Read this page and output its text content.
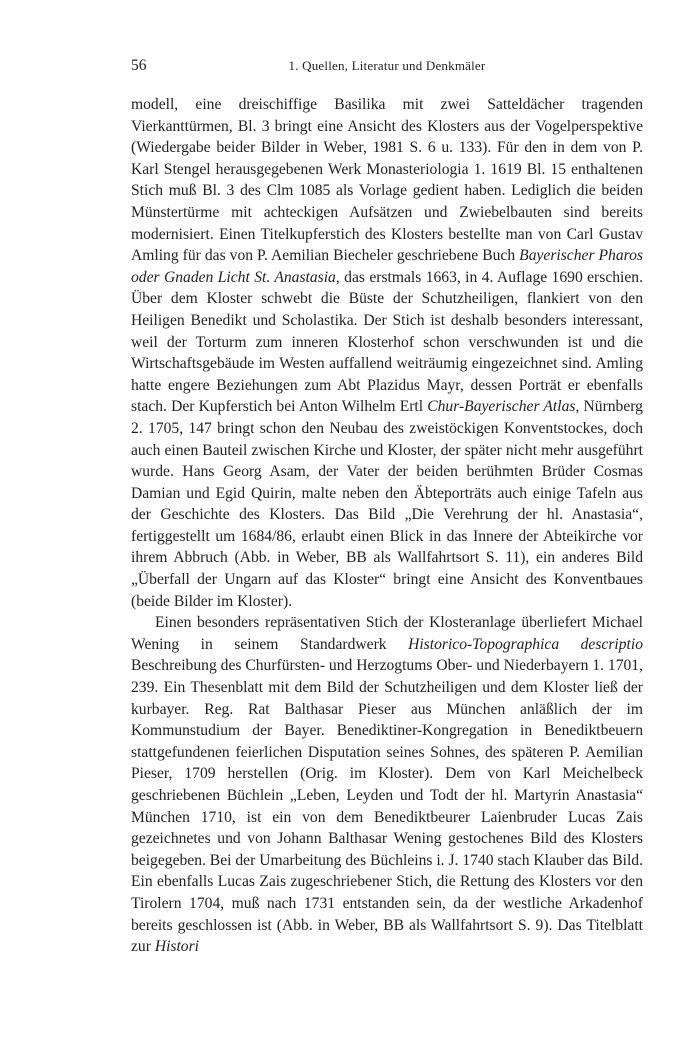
56	1. Quellen, Literatur und Denkmäler

modell, eine dreischiffige Basilika mit zwei Satteldächer tragenden Vierkanttürmen, Bl. 3 bringt eine Ansicht des Klosters aus der Vogelperspektive (Wiedergabe beider Bilder in Weber, 1981 S. 6 u. 133). Für den in dem von P. Karl Stengel herausgegebenen Werk Monasteriologia 1. 1619 Bl. 15 enthaltenen Stich muß Bl. 3 des Clm 1085 als Vorlage gedient haben. Lediglich die beiden Münstertürme mit achteckigen Aufsätzen und Zwiebelbauten sind bereits modernisiert. Einen Titelkupferstich des Klosters bestellte man von Carl Gustav Amling für das von P. Aemilian Biecheler geschriebene Buch Bayerischer Pharos oder Gnaden Licht St. Anastasia, das erstmals 1663, in 4. Auflage 1690 erschien. Über dem Kloster schwebt die Büste der Schutzheiligen, flankiert von den Heiligen Benedikt und Scholastika. Der Stich ist deshalb besonders interessant, weil der Torturm zum inneren Klosterhof schon verschwunden ist und die Wirtschaftsgebäude im Westen auffallend weiträumig eingezeichnet sind. Amling hatte engere Beziehungen zum Abt Plazidus Mayr, dessen Porträt er ebenfalls stach. Der Kupferstich bei Anton Wilhelm Ertl Chur-Bayerischer Atlas, Nürnberg 2. 1705, 147 bringt schon den Neubau des zweistöckigen Konventstockes, doch auch einen Bauteil zwischen Kirche und Kloster, der später nicht mehr ausgeführt wurde. Hans Georg Asam, der Vater der beiden berühmten Brüder Cosmas Damian und Egid Quirin, malte neben den Äbteporträts auch einige Tafeln aus der Geschichte des Klosters. Das Bild „Die Verehrung der hl. Anastasia“, fertiggestellt um 1684/86, erlaubt einen Blick in das Innere der Abteikirche vor ihrem Abbruch (Abb. in Weber, BB als Wallfahrtsort S. 11), ein anderes Bild „Überfall der Ungarn auf das Kloster“ bringt eine Ansicht des Konventbaues (beide Bilder im Kloster).

Einen besonders repräsentativen Stich der Klosteranlage überliefert Michael Wening in seinem Standardwerk Historico-Topographica descriptio Beschreibung des Churfürsten- und Herzogtums Ober- und Niederbayern 1. 1701, 239. Ein Thesenblatt mit dem Bild der Schutzheiligen und dem Kloster ließ der kurbayer. Reg. Rat Balthasar Pieser aus München anläßlich der im Kommunstudium der Bayer. Benediktiner-Kongregation in Benediktbeuern stattgefundenen feierlichen Disputation seines Sohnes, des späteren P. Aemilian Pieser, 1709 herstellen (Orig. im Kloster). Dem von Karl Meichelbeck geschriebenen Büchlein „Leben, Leyden und Todt der hl. Martyrin Anastasia“ München 1710, ist ein von dem Benediktbeurer Laienbruder Lucas Zais gezeichnetes und von Johann Balthasar Wening gestochenes Bild des Klosters beigegeben. Bei der Umarbeitung des Büchleins i. J. 1740 stach Klauber das Bild. Ein ebenfalls Lucas Zais zugeschriebener Stich, die Rettung des Klosters vor den Tirolern 1704, muß nach 1731 entstanden sein, da der westliche Arkadenhof bereits geschlossen ist (Abb. in Weber, BB als Wallfahrtsort S. 9). Das Titelblatt zur Histori
